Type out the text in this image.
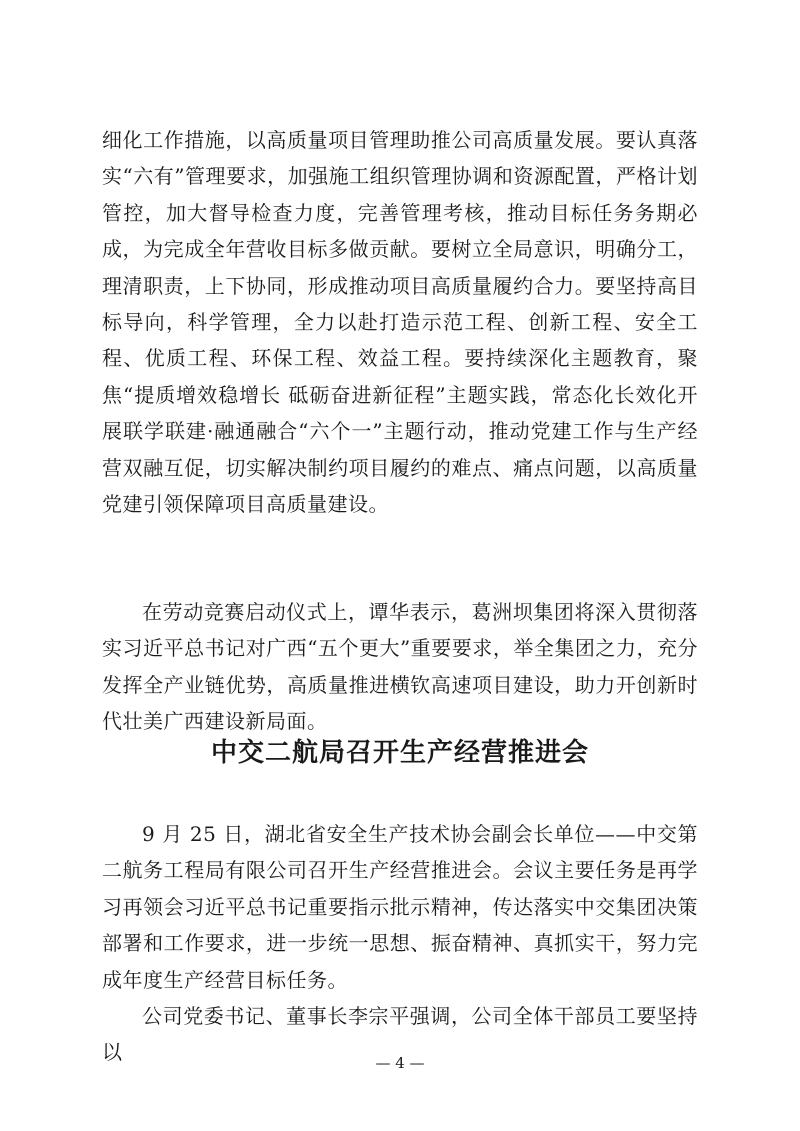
细化工作措施，以高质量项目管理助推公司高质量发展。要认真落实“六有”管理要求，加强施工组织管理协调和资源配置，严格计划管控，加大督导检查力度，完善管理考核，推动目标任务务期必成，为完成全年营收目标多做贡献。要树立全局意识，明确分工，理清职责，上下协同，形成推动项目高质量履约合力。要坚持高目标导向，科学管理，全力以赴打造示范工程、创新工程、安全工程、优质工程、环保工程、效益工程。要持续深化主题教育，聚焦“提质增效稳增长 砥砺奋进新征程”主题实践，常态化长效化开展联学联建·融通融合“六个一”主题行动，推动党建工作与生产经营双融互促，切实解决制约项目履约的难点、痛点问题，以高质量党建引领保障项目高质量建设。

在劳动竞赛启动仪式上，谭华表示，葛洲坝集团将深入贯彻落实习近平总书记对广西“五个更大”重要要求，举全集团之力，充分发挥全产业链优势，高质量推进横钦高速项目建设，助力开创新时代壮美广西建设新局面。

中交二航局召开生产经营推进会

9 月 25 日，湖北省安全生产技术协会副会长单位——中交第二航务工程局有限公司召开生产经营推进会。会议主要任务是再学习再领会习近平总书记重要指示批示精神，传达落实中交集团决策部署和工作要求，进一步统一思想、振奋精神、真抓实干，努力完成年度生产经营目标任务。

公司党委书记、董事长李宗平强调，公司全体干部员工要坚持以	— 4 —
